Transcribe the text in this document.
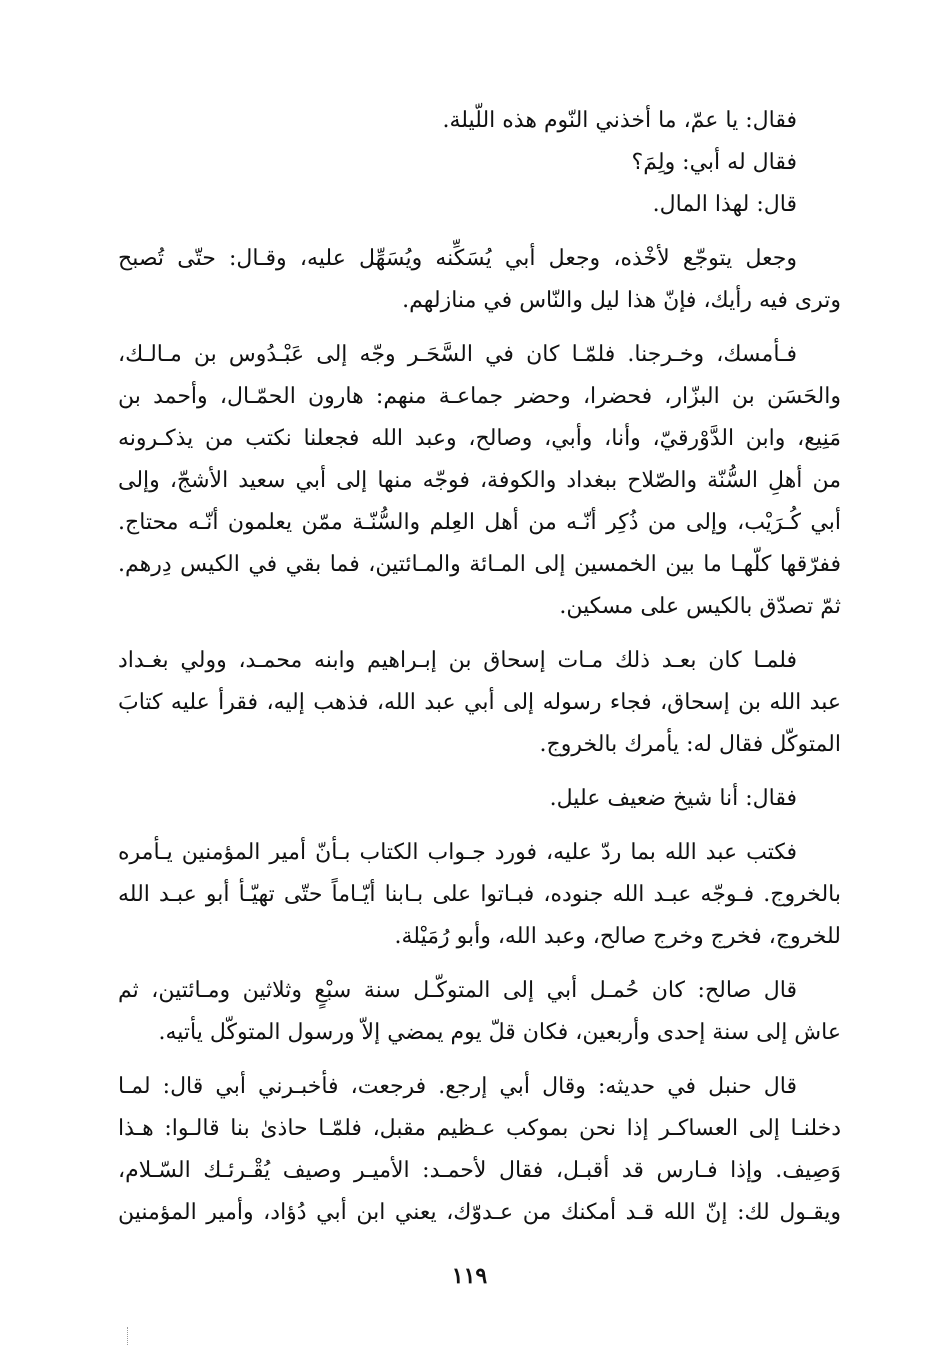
فقال: يا عمّ، ما أخذني النّوم هذه اللّيلة.
فقال له أبي: ولِمَ؟
قال: لهذا المال.
وجعل يتوجّع لأخْذه، وجعل أبي يُسَكِّنه ويُسَهِّل عليه، وقـال: حتّى تُصبح
وترى فيه رأيك، فإنّ هذا ليل والنّاس في منازلهم.
فـأمسك، وخـرجنا. فلمّـا كان في السَّحَـر وجّه إلى عَبْـدُوس بن مـالـك،
والحَسَن بن البزّار، فحضرا، وحضر جماعـة منهم: هارون الحمّـال، وأحمد بن
مَنِيع، وابن الدَّوْرقيّ، وأنا، وأبي، وصالح، وعبد الله فجعلنا نكتب من يذكـرونه
من أهلِ السُّنّة والصّلاح ببغداد والكوفة، فوجّه منها إلى أبي سعيد الأشجّ، وإلى
أبي كُـرَيْب، وإلى من ذُكِر أنّـه من أهل العِلم والسُّنّـة ممّن يعلمون أنّـه محتاج.
ففرّقها كلّهـا ما بين الخمسين إلى المـائة والمـائتين، فما بقي في الكيس دِرهم.
ثمّ تصدّق بالكيس على مسكين.
فلمـا كان بعـد ذلك مـات إسحاق بن إبـراهيم وابنه محمـد، وولي بغـداد
عبد الله بن إسحاق، فجاء رسوله إلى أبي عبد الله، فذهب إليه، فقرأ عليه كتابَ
المتوكّل فقال له: يأمرك بالخروج.
فقال: أنا شيخ ضعيف عليل.
فكتب عبد الله بما ردّ عليه، فورد جـواب الكتاب بـأنّ أمير المؤمنين يـأمره
بالخروج. فـوجّه عبـد الله جنوده، فبـاتوا على بـابنا أيّـاماً حتّى تهيّـأ أبو عبـد الله
للخروج، فخرج وخرج صالح، وعبد الله، وأبو رُمَيْلة.
قال صالح: كان حُمـل أبي إلى المتوكّـل سنة سبْعٍ وثلاثين ومـائتين، ثم
عاش إلى سنة إحدى وأربعين، فكان قلّ يوم يمضي إلاّ ورسول المتوكّل يأتيه.
قال حنبل في حديثه: وقال أبي إرجع. فرجعت، فأخبـرني أبي قال: لمـا
دخلنـا إلى العساكـر إذا نحن بموكب عـظيم مقبل، فلمّـا حاذىٰ بنا قالـوا: هـذا
وَصِيف. وإذا فـارس قد أقبـل، فقال لأحمـد: الأميـر وصيف يُقْـرئـك السّـلام،
ويقـول لك: إنّ الله قـد أمكنك من عـدوّك، يعني ابن أبي دُؤاد، وأمير المؤمنين
١١٩
